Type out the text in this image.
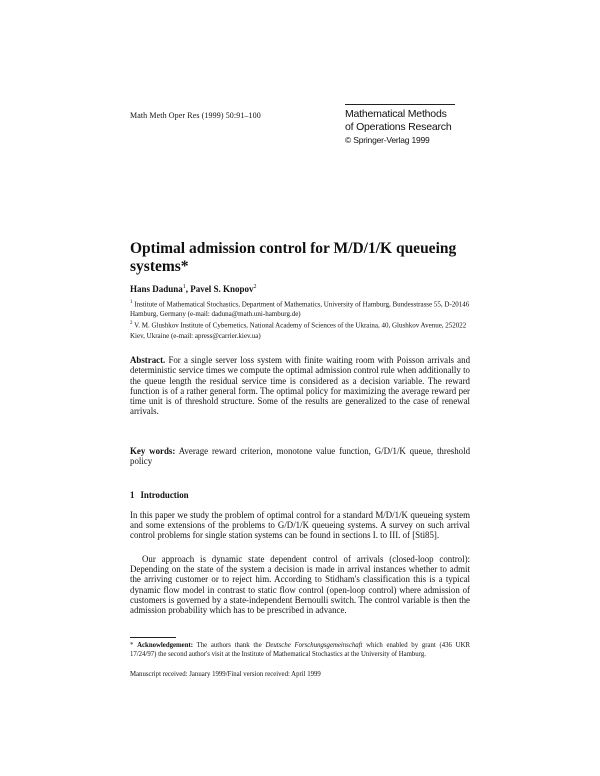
Math Meth Oper Res (1999) 50:91–100	Mathematical Methods
of Operations Research
© Springer-Verlag 1999
Optimal admission control for M/D/1/K queueing systems*
Hans Daduna$^1$, Pavel S. Knopov$^2$
$^1$ Institute of Mathematical Stochastics, Department of Mathematics, University of Hamburg, Bundesstrasse 55, D-20146 Hamburg, Germany (e-mail: daduna@math.uni-hamburg.de)
$^2$ V. M. Glushkov Institute of Cybernetics, National Academy of Sciences of the Ukraina, 40, Glushkov Avenue, 252022 Kiev, Ukraine (e-mail: apress@carrier.kiev.ua)
Abstract. For a single server loss system with finite waiting room with Poisson arrivals and deterministic service times we compute the optimal admission control rule when additionally to the queue length the residual service time is considered as a decision variable. The reward function is of a rather general form. The optimal policy for maximizing the average reward per time unit is of threshold structure. Some of the results are generalized to the case of renewal arrivals.
Key words: Average reward criterion, monotone value function, G/D/1/K queue, threshold policy
1 Introduction
In this paper we study the problem of optimal control for a standard M/D/1/K queueing system and some extensions of the problems to G/D/1/K queueing systems. A survey on such arrival control problems for single station systems can be found in sections I. to III. of [Sti85].
Our approach is dynamic state dependent control of arrivals (closed-loop control): Depending on the state of the system a decision is made in arrival instances whether to admit the arriving customer or to reject him. According to Stidham's classification this is a typical dynamic flow model in contrast to static flow control (open-loop control) where admission of customers is governed by a state-independent Bernoulli switch. The control variable is then the admission probability which has to be prescribed in advance.
* Acknowledgement: The authors thank the Deutsche Forschungsgemeinschaft which enabled by grant (436 UKR 17/24/97) the second author's visit at the Institute of Mathematical Stochastics at the University of Hamburg.
Manuscript received: January 1999/Final version received: April 1999
